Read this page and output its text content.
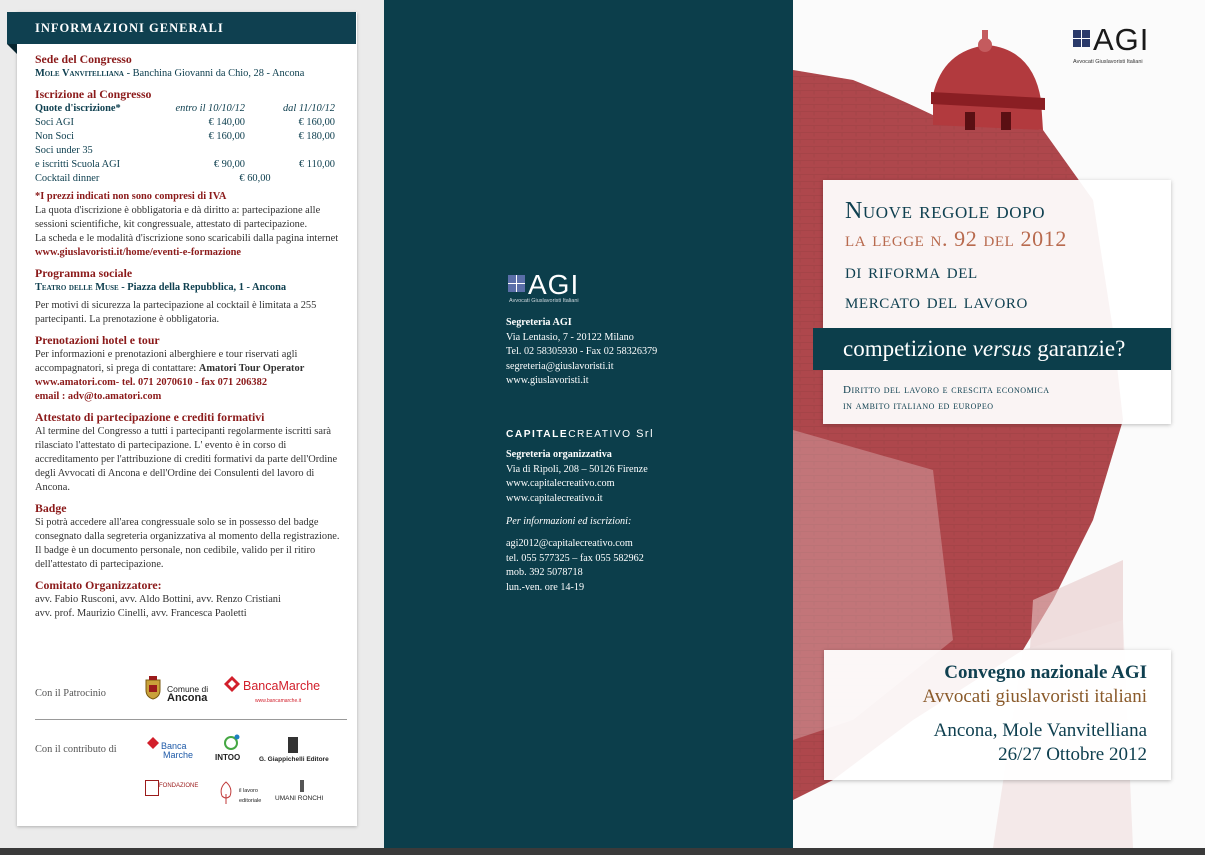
INFORMAZIONI GENERALI
Sede del Congresso
Mole Vanvitelliana - Banchina Giovanni da Chio, 28 - Ancona
Iscrizione al Congresso
Quote d'iscrizione*	entro il 10/10/12	dal 11/10/12
Soci AGI	€ 140,00	€ 160,00
Non Soci	€ 160,00	€ 180,00
Soci under 35
e iscritti Scuola AGI	€ 90,00	€ 110,00
Cocktail dinner	€ 60,00
*I prezzi indicati non sono compresi di IVA
La quota d'iscrizione è obbligatoria e dà diritto a: partecipazione alle sessioni scientifiche, kit congressuale, attestato di partecipazione.
La scheda e le modalità d'iscrizione sono scaricabili dalla pagina internet www.giuslavoristi.it/home/eventi-e-formazione
Programma sociale
Teatro delle Muse - Piazza della Repubblica, 1 - Ancona
Per motivi di sicurezza la partecipazione al cocktail è limitata a 255 partecipanti. La prenotazione è obbligatoria.
Prenotazioni hotel e tour
Per informazioni e prenotazioni alberghiere e tour riservati agli accompagnatori, si prega di contattare: Amatori Tour Operator
www.amatori.com- tel. 071 2070610 - fax 071 206382
email : adv@to.amatori.com
Attestato di partecipazione e crediti formativi
Al termine del Congresso a tutti i partecipanti regolarmente iscritti sarà rilasciato l'attestato di partecipazione. L' evento è in corso di accreditamento per l'attribuzione di crediti formativi da parte dell'Ordine degli Avvocati di Ancona e dell'Ordine dei Consulenti del lavoro di Ancona.
Badge
Si potrà accedere all'area congressuale solo se in possesso del badge consegnato dalla segreteria organizzativa al momento della registrazione. Il badge è un documento personale, non cedibile, valido per il ritiro dell'attestato di partecipazione.
Comitato Organizzatore:
avv. Fabio Rusconi, avv. Aldo Bottini, avv. Renzo Cristiani
avv. prof. Maurizio Cinelli, avv. Francesca Paoletti
Con il Patrocinio	Comune di
Ancona
BancaMarche
www.bancamarche.it
Con il contributo di	Banca
Marche	INTOO	G. Giappichelli Editore
FONDAZIONE
il lavoro editoriale	UMANI RONCHI
AGI
Avvocati Giuslavoristi Italiani
Segreteria AGI
Via Lentasio, 7 - 20122 Milano
Tel. 02 58305930 - Fax 02 58326379
segreteria@giuslavoristi.it
www.giuslavoristi.it
CAPITALECREATIVO Srl
Segreteria organizzativa
Via di Ripoli, 208 – 50126 Firenze
www.capitalecreativo.com
www.capitalecreativo.it
Per informazioni ed iscrizioni:
agi2012@capitalecreativo.com
tel. 055 577325 – fax 055 582962
mob. 392 5078718
lun.-ven. ore 14-19
AGI
Avvocati Giuslavoristi Italiani
Nuove regole dopo
la legge n. 92 del 2012
di riforma del
mercato del lavoro
Diritto del lavoro e crescita economica
in ambito italiano ed europeo
competizione versus garanzie?
Convegno nazionale AGI
Avvocati giuslavoristi italiani
Ancona, Mole Vanvitelliana
26/27 Ottobre 2012
